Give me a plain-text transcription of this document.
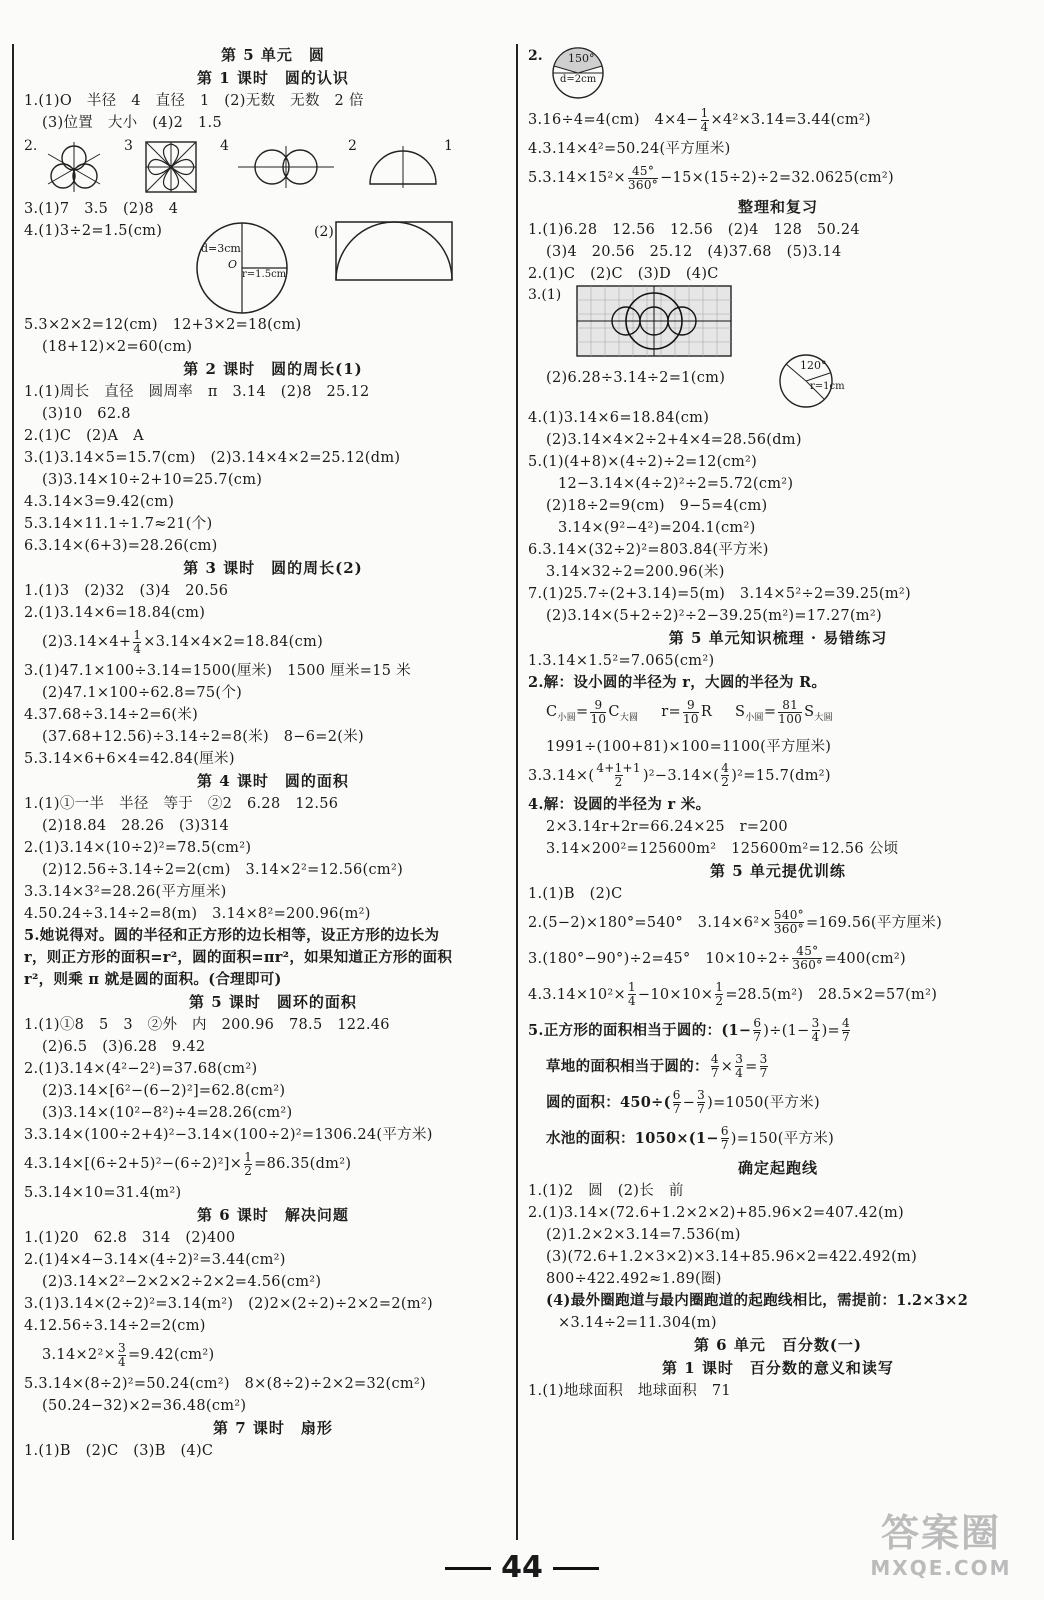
第 5 单元　圆
第 1 课时　圆的认识
1.(1)O　半径　4　直径　1　(2)无数　无数　2 倍
(3)位置　大小　(4)2　1.5
2.	3	4	2	1
3.(1)7　3.5　(2)8　4
4.(1)3÷2=1.5(cm)
d=3cm
O
r=1.5cm
(2)
5.3×2×2=12(cm)　12+3×2=18(cm)
(18+12)×2=60(cm)
第 2 课时　圆的周长(1)
1.(1)周长　直径　圆周率　π　3.14　(2)8　25.12
(3)10　62.8
2.(1)C　(2)A　A
3.(1)3.14×5=15.7(cm)　(2)3.14×4×2=25.12(dm)
(3)3.14×10÷2+10=25.7(cm)
4.3.14×3=9.42(cm)
5.3.14×11.1÷1.7≈21(个)
6.3.14×(6+3)=28.26(cm)
第 3 课时　圆的周长(2)
1.(1)3　(2)32　(3)4　20.56
2.(1)3.14×6=18.84(cm)
$(2)3.14\times 4+ \frac{1}{4} \times 3.14\times 4\times 2=18.84(cm)$
3.(1)47.1×100÷3.14=1500(厘米)　1500 厘米=15 米
(2)47.1×100÷62.8=75(个)
4.37.68÷3.14÷2=6(米)
(37.68+12.56)÷3.14÷2=8(米)　8−6=2(米)
5.3.14×6+6×4=42.84(厘米)
第 4 课时　圆的面积
1.(1)①一半　半径　等于　②2　6.28　12.56
(2)18.84　28.26　(3)314
2.(1)3.14×(10÷2)²=78.5(cm²)
(2)12.56÷3.14÷2=2(cm)　3.14×2²=12.56(cm²)
3.3.14×3²=28.26(平方厘米)
4.50.24÷3.14÷2=8(m)　3.14×8²=200.96(m²)
5.她说得对。圆的半径和正方形的边长相等，设正方形的边长为
r，则正方形的面积=r²，圆的面积=πr²，如果知道正方形的面积
r²，则乘 π 就是圆的面积。(合理即可)
第 5 课时　圆环的面积
1.(1)①8　5　3　②外　内　200.96　78.5　122.46
(2)6.5　(3)6.28　9.42
2.(1)3.14×(4²−2²)=37.68(cm²)
(2)3.14×[6²−(6−2)²]=62.8(cm²)
(3)3.14×(10²−8²)÷4=28.26(cm²)
3.3.14×(100÷2+4)²−3.14×(100÷2)²=1306.24(平方米)
$4.3.14\times[(6\div 2+5)^2-(6\div 2)^2]\times \frac{1}{2} =86.35(dm^2)$
5.3.14×10=31.4(m²)
第 6 课时　解决问题
1.(1)20　62.8　314　(2)400
2.(1)4×4−3.14×(4÷2)²=3.44(cm²)
(2)3.14×2²−2×2×2÷2×2=4.56(cm²)
3.(1)3.14×(2÷2)²=3.14(m²)　(2)2×(2÷2)÷2×2=2(m²)
4.12.56÷3.14÷2=2(cm)
$3.14\times 2^2\times \frac{3}{4} =9.42(cm^2)$
5.3.14×(8÷2)²=50.24(cm²)　8×(8÷2)÷2×2=32(cm²)
(50.24−32)×2=36.48(cm²)
第 7 课时　扇形
1.(1)B　(2)C　(3)B　(4)C
2. 150°
d=2cm
3.16÷4=4(cm)　$4\times 4- \frac{1}{4} \times 4^2\times 3.14=3.44(cm^2)$
4.3.14×4²=50.24(平方厘米)
$5.3.14\times 15^2\times \frac{45^\circ}{360^\circ} -15\times(15\div 2)\div 2=32.0625(cm^2)$
整理和复习
1.(1)6.28　12.56　12.56　(2)4　128　50.24
(3)4　20.56　25.12　(4)37.68　(5)3.14
2.(1)C　(2)C　(3)D　(4)C
3.(1)
(2)6.28÷3.14÷2=1(cm)
120°
r=1cm
4.(1)3.14×6=18.84(cm)
(2)3.14×4×2÷2+4×4=28.56(dm)
5.(1)(4+8)×(4÷2)÷2=12(cm²)
12−3.14×(4÷2)²÷2=5.72(cm²)
(2)18÷2=9(cm)　9−5=4(cm)
3.14×(9²−4²)=204.1(cm²)
6.3.14×(32÷2)²=803.84(平方米)
3.14×32÷2=200.96(米)
7.(1)25.7÷(2+3.14)=5(m)　3.14×5²÷2=39.25(m²)
(2)3.14×(5+2÷2)²÷2−39.25(m²)=17.27(m²)
第 5 单元知识梳理 · 易错练习
1.3.14×1.5²=7.065(cm²)
2.解：设小圆的半径为 r，大圆的半径为 R。
$C_{小圆}= \frac{9}{10} C_{大圆}$ $r= \frac{9}{10}$ R $S_{小圆}= \frac{81}{100} S_{大圆}$
1991÷(100+81)×100=1100(平方厘米)
$3.3.14\times( \frac{4+1+1}{2} )^2-3.14\times( \frac{4}{2} )^2=15.7(dm^2)$
4.解：设圆的半径为 r 米。
2×3.14r+2r=66.24×25　r=200
3.14×200²=125600m²　125600m²=12.56 公顷
第 5 单元提优训练
1.(1)B　(2)C
2.(5−2)×180°=540°　$3.14\times 6^2\times \frac{540^\circ}{360^\circ} =169.56$(平方厘米)
3.(180°−90°)÷2=45°　$10\times 10\div 2\div \frac{45^\circ}{360^\circ} =400(cm^2)$
$4.3.14\times 10^2\times \frac{1}{4} -10\times 10\times \frac{1}{2} =28.5(m^2)$　28.5×2=57(m²)
5.正方形的面积相当于圆的：$(1- \frac{6}{7} )\div(1- \frac{3}{4}$ )= $\frac{4}{7}$
草地的面积相当于圆的： $\frac{4}{7} \times \frac{3}{4} = \frac{3}{7}$
圆的面积：$450\div( \frac{6}{7} - \frac{3}{7} )=1050$(平方米)
水池的面积：$1050\times(1- \frac{6}{7} )=150$(平方米)
确定起跑线
1.(1)2　圆　(2)长　前
2.(1)3.14×(72.6+1.2×2×2)+85.96×2=407.42(m)
(2)1.2×2×3.14=7.536(m)
(3)(72.6+1.2×3×2)×3.14+85.96×2=422.492(m)
800÷422.492≈1.89(圈)
(4)最外圈跑道与最内圈跑道的起跑线相比，需提前：1.2×3×2
×3.14÷2=11.304(m)
第 6 单元　百分数(一)
第 1 课时　百分数的意义和读写
1.(1)地球面积　地球面积　71
44
答案圈
MXQE.COM
